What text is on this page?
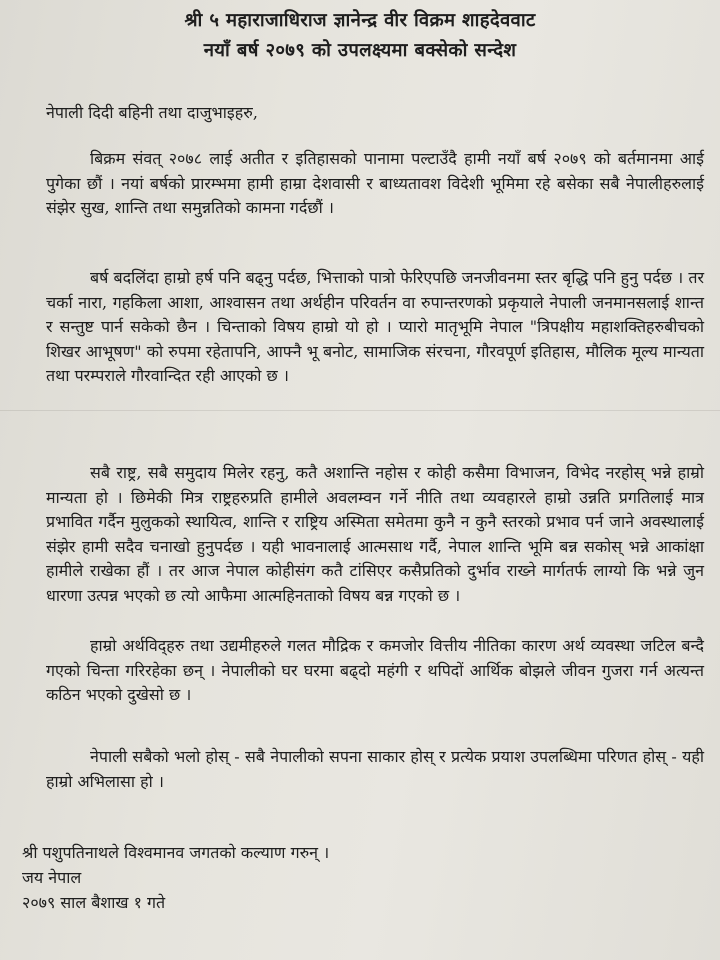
श्री ५ महाराजाधिराज ज्ञानेन्द्र वीर विक्रम शाहदेववाट
नयाँ बर्ष २०७९ को उपलक्ष्यमा बक्सेको सन्देश
नेपाली दिदी बहिनी तथा दाजुभाइहरु,
बिक्रम संवत् २०७८ लाई अतीत र इतिहासको पानामा पल्टाउँदै हामी नयाँ बर्ष २०७९ को बर्तमानमा आई पुगेका छौं । नयां बर्षको प्रारम्भमा हामी हाम्रा देशवासी र बाध्यतावश विदेशी भूमिमा रहे बसेका सबै नेपालीहरुलाई संझेर सुख, शान्ति तथा समुन्नतिको कामना गर्दछौं ।
बर्ष बदलिंदा हाम्रो हर्ष पनि बढ्नु पर्दछ, भित्ताको पात्रो फेरिएपछि जनजीवनमा स्तर बृद्धि पनि हुनु पर्दछ । तर चर्का नारा, गहकिला आशा, आश्वासन तथा अर्थहीन परिवर्तन वा रुपान्तरणको प्रकृयाले नेपाली जनमानसलाई शान्त र सन्तुष्ट पार्न सकेको छैन । चिन्ताको विषय हाम्रो यो हो । प्यारो मातृभूमि नेपाल "त्रिपक्षीय महाशक्तिहरुबीचको शिखर आभूषण" को रुपमा रहेतापनि, आफ्नै भू बनोट, सामाजिक संरचना, गौरवपूर्ण इतिहास, मौलिक मूल्य मान्यता तथा परम्पराले गौरवान्दित रही आएको छ ।
सबै राष्ट्र, सबै समुदाय मिलेर रहनु, कतै अशान्ति नहोस र कोही कसैमा विभाजन, विभेद नरहोस् भन्ने हाम्रो मान्यता हो । छिमेकी मित्र राष्ट्रहरुप्रति हामीले अवलम्वन गर्ने नीति तथा व्यवहारले हाम्रो उन्नति प्रगतिलाई मात्र प्रभावित गर्दैन मुलुकको स्थायित्व, शान्ति र राष्ट्रिय अस्मिता समेतमा कुनै न कुनै स्तरको प्रभाव पर्न जाने अवस्थालाई संझेर हामी सदैव चनाखो हुनुपर्दछ । यही भावनालाई आत्मसाथ गर्दै, नेपाल शान्ति भूमि बन्न सकोस् भन्ने आकांक्षा हामीले राखेका हौं । तर आज नेपाल कोहीसंग कतै टांसिएर कसैप्रतिको दुर्भाव राख्ने मार्गतर्फ लाग्यो कि भन्ने जुन धारणा उत्पन्न भएको छ त्यो आफैमा आत्महिनताको विषय बन्न गएको छ ।
हाम्रो अर्थविद्हरु तथा उद्यमीहरुले गलत मौद्रिक र कमजोर वित्तीय नीतिका कारण अर्थ व्यवस्था जटिल बन्दै गएको चिन्ता गरिरहेका छन् । नेपालीको घर घरमा बढ्दो महंगी र थपिदों आर्थिक बोझले जीवन गुजरा गर्न अत्यन्त कठिन भएको दुखेसो छ ।
नेपाली सबैको भलो होस् - सबै नेपालीको सपना साकार होस् र प्रत्येक प्रयाश उपलब्धिमा परिणत होस् - यही हाम्रो अभिलासा हो ।
श्री पशुपतिनाथले विश्वमानव जगतको कल्याण गरुन् ।
जय नेपाल
२०७९ साल बैशाख १ गते
